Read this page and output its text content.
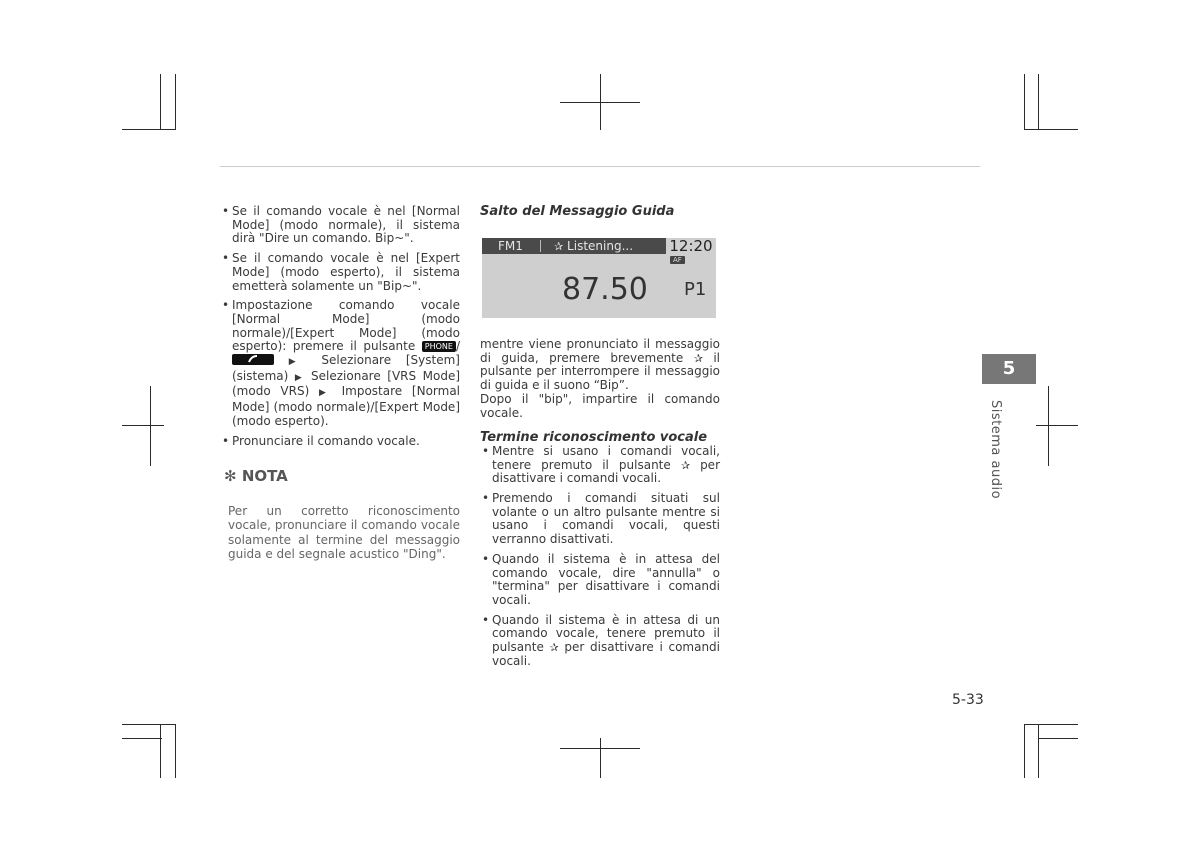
• Se il comando vocale è nel [Normal Mode] (modo normale), il sistema dirà "Dire un comando. Bip~".
• Se il comando vocale è nel [Expert Mode] (modo esperto), il sistema emetterà solamente un "Bip~".
• Impostazione comando vocale [Normal Mode] (modo normale)/[Expert Mode] (modo esperto): premere il pulsante PHONE /
▶ Selezionare [System] (sistema) ▶ Selezionare [VRS Mode] (modo VRS) ▶ Impostare [Normal Mode] (modo normale)/[Expert Mode] (modo esperto).
• Pronunciare il comando vocale.
✻ NOTA
Per un corretto riconoscimento vocale, pronunciare il comando vocale solamente al termine del messaggio guida e del segnale acustico "Ding".

Salto del Messaggio Guida

FM1	✰ Listening... 12:20
AF
87.50 P1
mentre viene pronunciato il messaggio di guida, premere brevemente ✰ il pulsante per interrompere il messaggio di guida e il suono “Bip”.
Dopo il "bip", impartire il comando vocale.

Termine riconoscimento vocale

• Mentre si usano i comandi vocali, tenere premuto il pulsante ✰ per disattivare i comandi vocali.
• Premendo i comandi situati sul volante o un altro pulsante mentre si usano i comandi vocali, questi verranno disattivati.
• Quando il sistema è in attesa del comando vocale, dire "annulla" o "termina" per disattivare i comandi vocali.
• Quando il sistema è in attesa di un comando vocale, tenere premuto il pulsante ✰ per disattivare i comandi vocali.
5
Sistema audio
5-33
